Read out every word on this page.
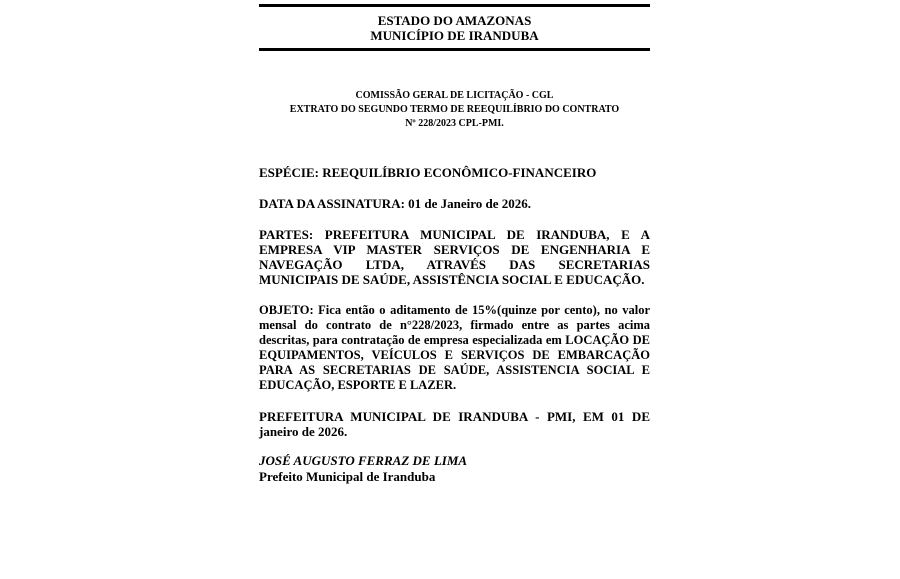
ESTADO DO AMAZONAS
MUNICÍPIO DE IRANDUBA
COMISSÃO GERAL DE LICITAÇÃO - CGL
EXTRATO DO SEGUNDO TERMO DE REEQUILÍBRIO DO CONTRATO
Nº 228/2023 CPL-PMI.

ESPÉCIE: REEQUILÍBRIO ECONÔMICO-FINANCEIRO

DATA DA ASSINATURA: 01 de Janeiro de 2026.

PARTES: PREFEITURA MUNICIPAL DE IRANDUBA, E A EMPRESA VIP MASTER SERVIÇOS DE ENGENHARIA E NAVEGAÇÃO LTDA, ATRAVÉS DAS SECRETARIAS MUNICIPAIS DE SAÚDE, ASSISTÊNCIA SOCIAL E EDUCAÇÃO.

OBJETO: Fica então o aditamento de 15%(quinze por cento), no valor mensal do contrato de n°228/2023, firmado entre as partes acima descritas, para contratação de empresa especializada em LOCAÇÃO DE EQUIPAMENTOS, VEÍCULOS E SERVIÇOS DE EMBARCAÇÃO PARA AS SECRETARIAS DE SAÚDE, ASSISTENCIA SOCIAL E EDUCAÇÃO, ESPORTE E LAZER.

PREFEITURA MUNICIPAL DE IRANDUBA - PMI, EM 01 DE janeiro de 2026.

JOSÉ AUGUSTO FERRAZ DE LIMA
Prefeito Municipal de Iranduba
